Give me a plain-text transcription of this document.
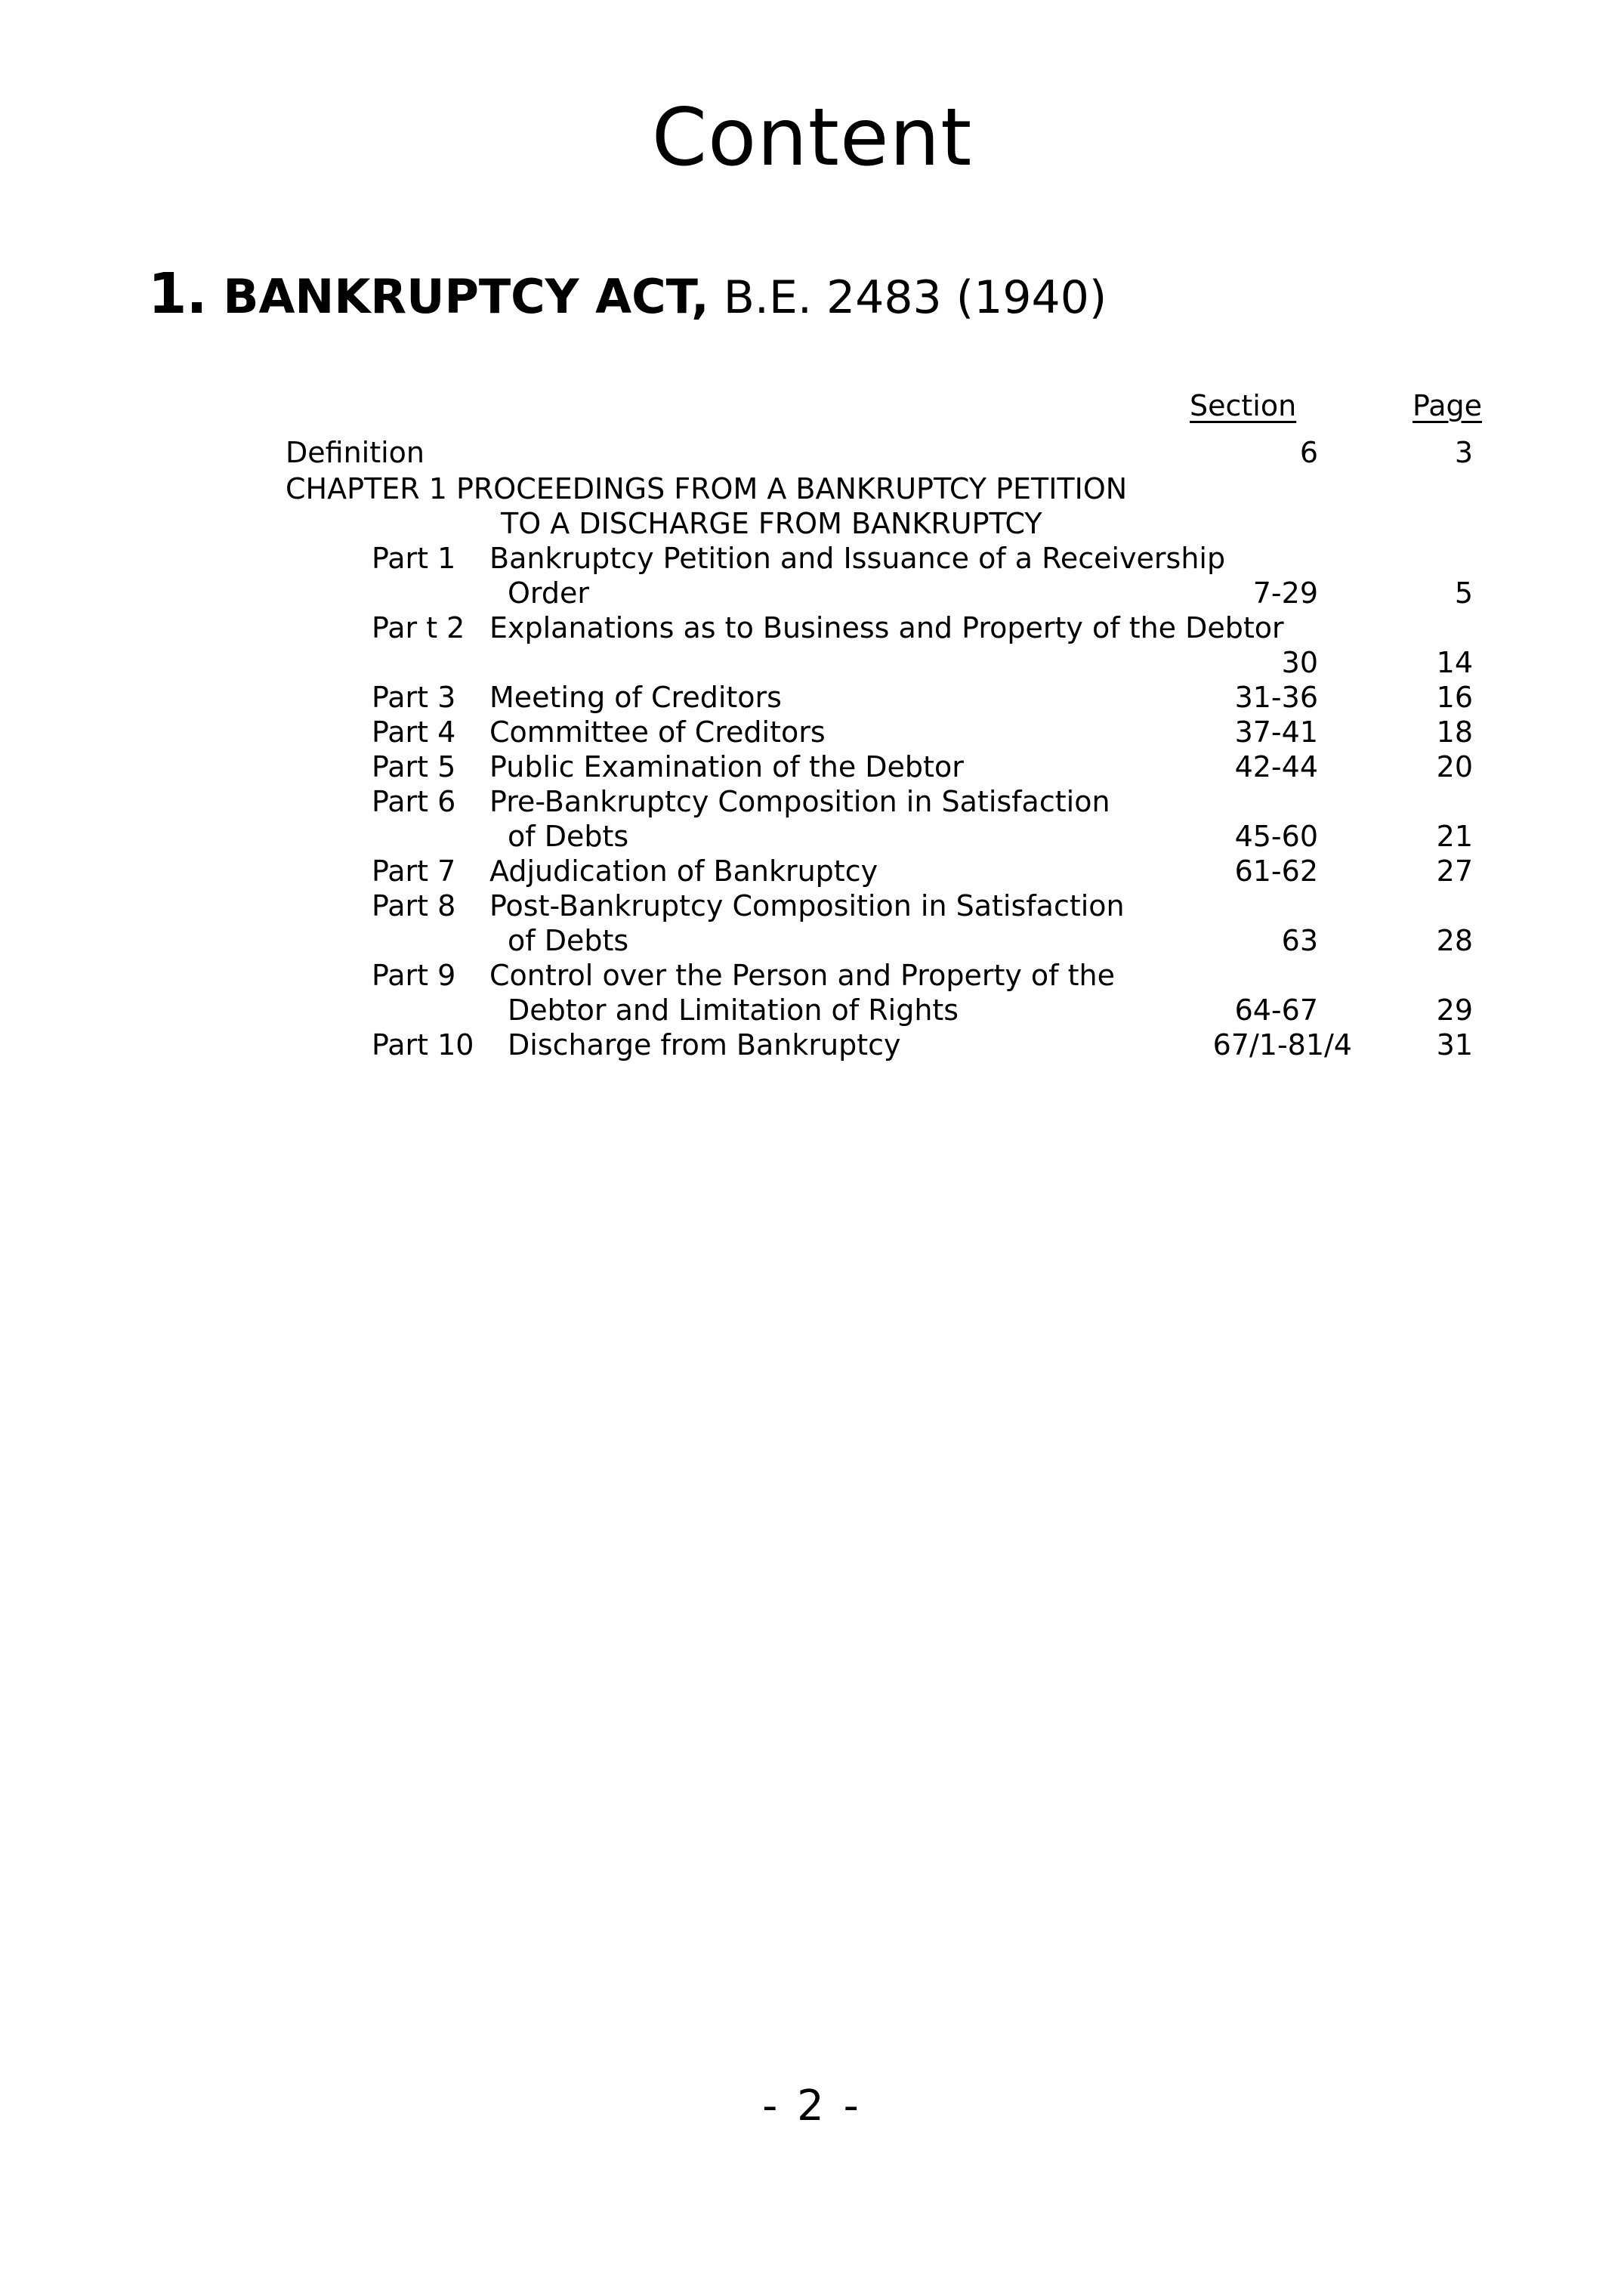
Content
1. BANKRUPTCY ACT, B.E. 2483 (1940)
Section	Page
Definition	6	3
CHAPTER 1 PROCEEDINGS FROM A BANKRUPTCY PETITION
TO A DISCHARGE FROM BANKRUPTCY
Part 1 Bankruptcy Petition and Issuance of a Receivership
Order	7-29	5
Par t 2 Explanations as to Business and Property of the Debtor
30	14
Part 3 Meeting of Creditors	31-36	16
Part 4 Committee of Creditors	37-41	18
Part 5 Public Examination of the Debtor	42-44	20
Part 6 Pre-Bankruptcy Composition in Satisfaction
of Debts	45-60	21
Part 7 Adjudication of Bankruptcy	61-62	27
Part 8 Post-Bankruptcy Composition in Satisfaction
of Debts	63	28
Part 9 Control over the Person and Property of the
Debtor and Limitation of Rights	64-67	29
Part 10 Discharge from Bankruptcy	67/1-81/4	31
- 2 -
